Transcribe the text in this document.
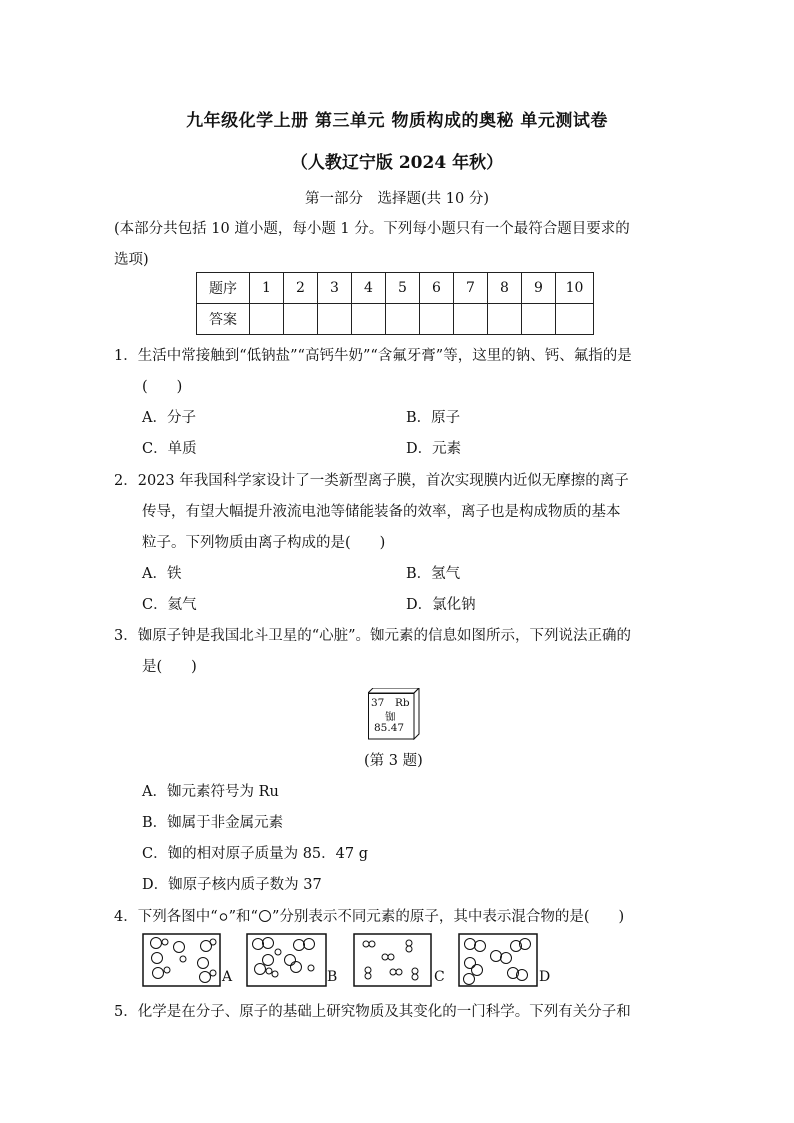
九年级化学上册 第三单元 物质构成的奥秘 单元测试卷
（人教辽宁版 2024 年秋）
第一部分　选择题(共 10 分)
(本部分共包括 10 道小题，每小题 1 分。下列每小题只有一个最符合题目要求的
选项)
题序	1	2	3	4	5	6	7	8	9	10
答案										
1．生活中常接触到“低钠盐”“高钙牛奶”“含氟牙膏”等，这里的钠、钙、氟指的是
(　　)
A．分子	B．原子
C．单质	D．元素
2．2023 年我国科学家设计了一类新型离子膜，首次实现膜内近似无摩擦的离子
传导，有望大幅提升液流电池等储能装备的效率，离子也是构成物质的基本
粒子。下列物质由离子构成的是(　　)
A．铁	B．氢气
C．氦气	D．氯化钠
3．铷原子钟是我国北斗卫星的“心脏”。铷元素的信息如图所示，下列说法正确的
是(　　)
37 Rb
铷
85.47
(第 3 题)
A．铷元素符号为 Ru
B．铷属于非金属元素
C．铷的相对原子质量为 85．47 g
D．铷原子核内质子数为 37
4．下列各图中“ ”和“ ”分别表示不同元素的原子，其中表示混合物的是(　　)
A	B	C	D
5．化学是在分子、原子的基础上研究物质及其变化的一门科学。下列有关分子和
